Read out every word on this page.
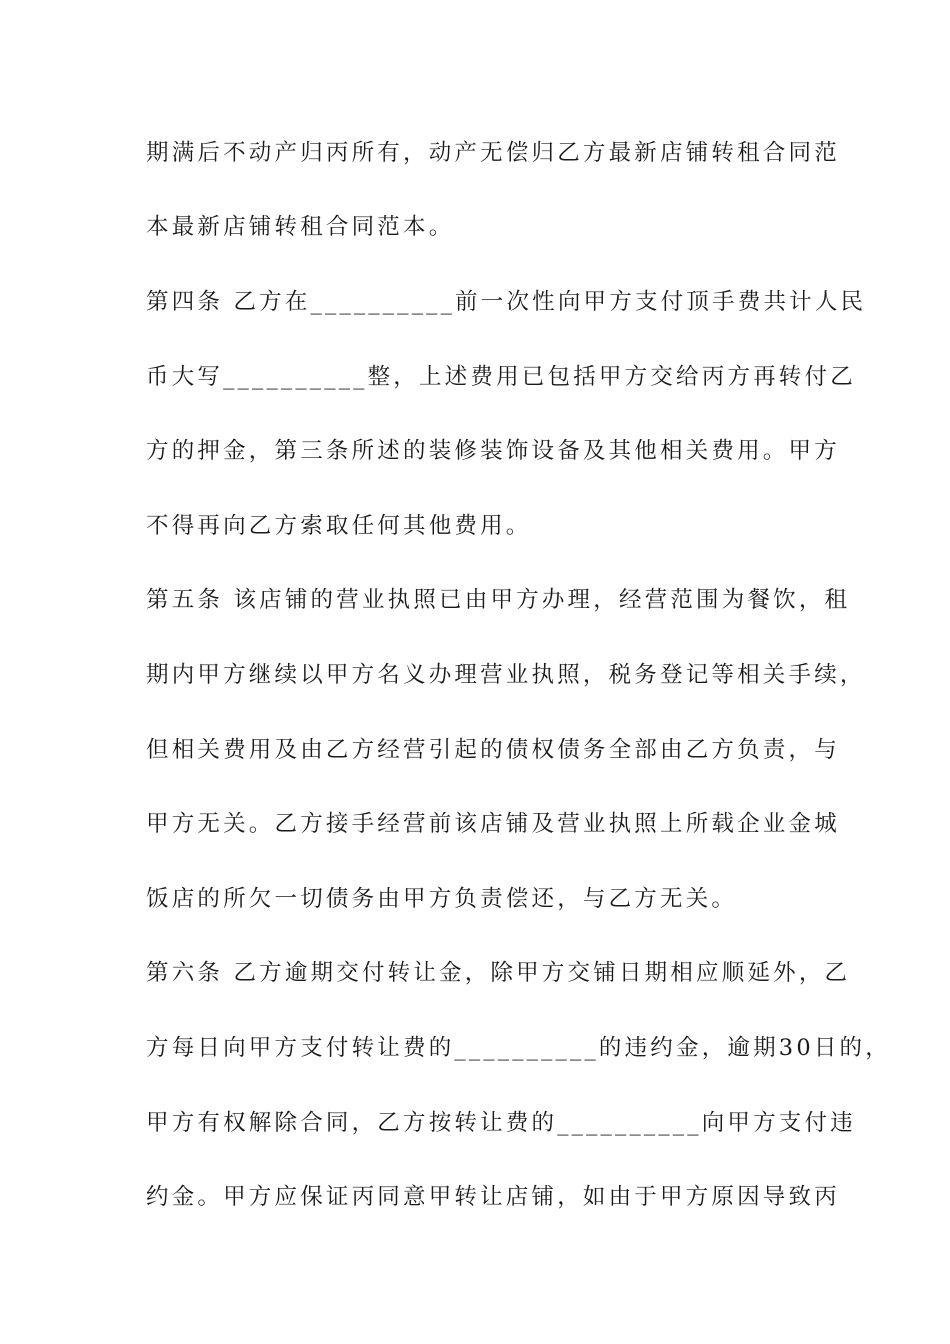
期满后不动产归丙所有，动产无偿归乙方最新店铺转租合同范
本最新店铺转租合同范本。
第四条 乙方在__________前一次性向甲方支付顶手费共计人民
币大写__________整，上述费用已包括甲方交给丙方再转付乙
方的押金，第三条所述的装修装饰设备及其他相关费用。甲方
不得再向乙方索取任何其他费用。
第五条 该店铺的营业执照已由甲方办理，经营范围为餐饮，租
期内甲方继续以甲方名义办理营业执照，税务登记等相关手续，
但相关费用及由乙方经营引起的债权债务全部由乙方负责，与
甲方无关。乙方接手经营前该店铺及营业执照上所载企业金城
饭店的所欠一切债务由甲方负责偿还，与乙方无关。
第六条 乙方逾期交付转让金，除甲方交铺日期相应顺延外，乙
方每日向甲方支付转让费的__________的违约金，逾期30日的，
甲方有权解除合同，乙方按转让费的__________向甲方支付违
约金。甲方应保证丙同意甲转让店铺，如由于甲方原因导致丙
